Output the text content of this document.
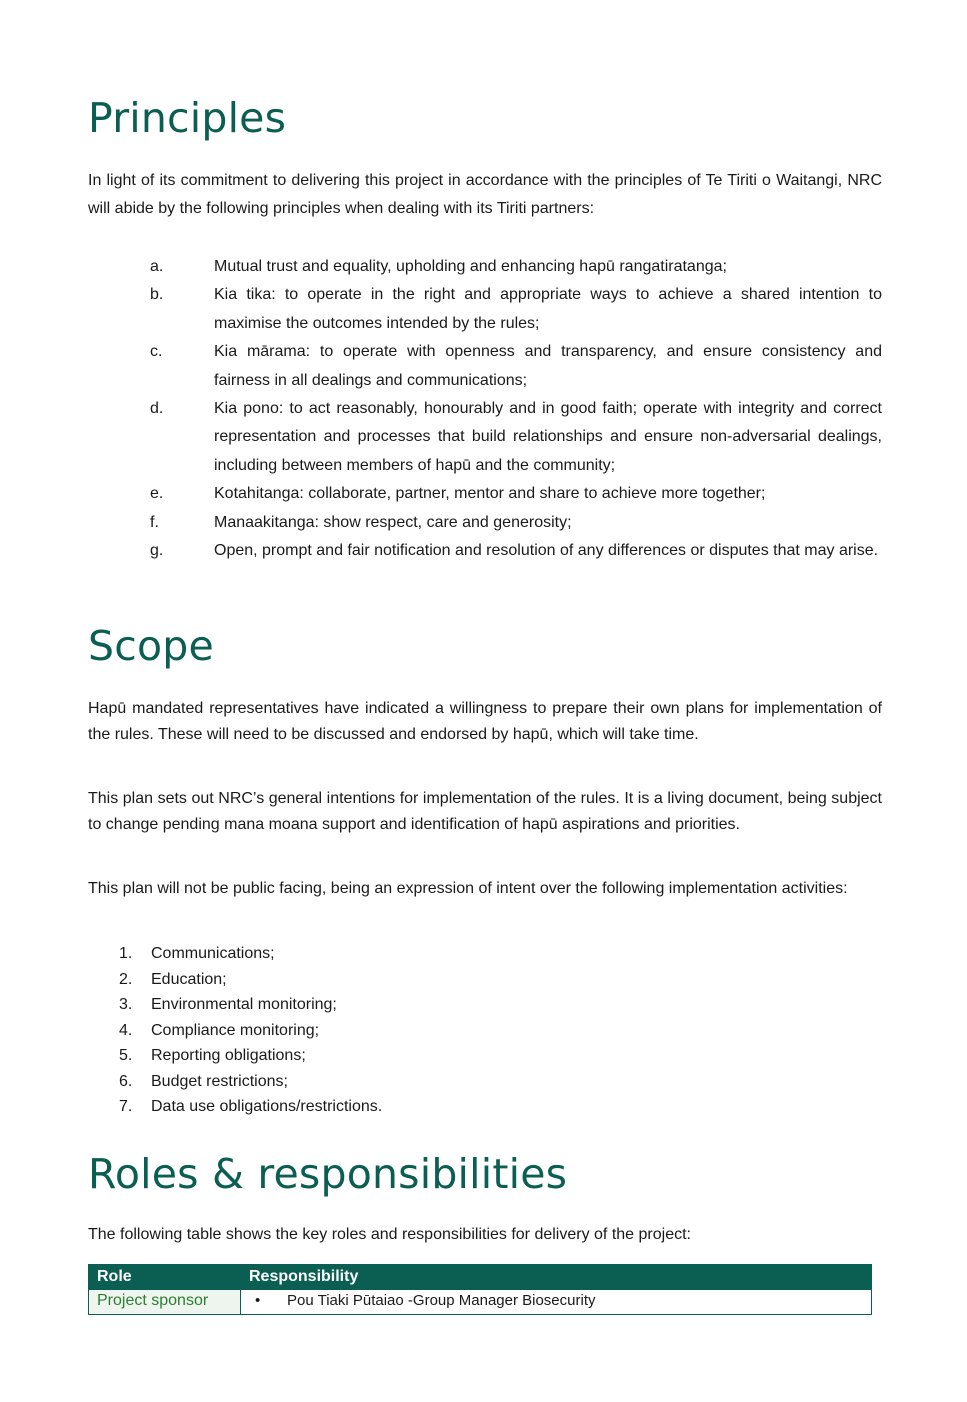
Principles

In light of its commitment to delivering this project in accordance with the principles of Te Tiriti o Waitangi, NRC will abide by the following principles when dealing with its Tiriti partners:

a.	Mutual trust and equality, upholding and enhancing hapū rangatiratanga;
b.	Kia tika: to operate in the right and appropriate ways to achieve a shared intention to maximise the outcomes intended by the rules;
c.	Kia mārama: to operate with openness and transparency, and ensure consistency and fairness in all dealings and communications;
d.	Kia pono: to act reasonably, honourably and in good faith; operate with integrity and correct representation and processes that build relationships and ensure non-adversarial dealings, including between members of hapū and the community;
e.	Kotahitanga: collaborate, partner, mentor and share to achieve more together;
f.	Manaakitanga: show respect, care and generosity;
g.	Open, prompt and fair notification and resolution of any differences or disputes that may arise.
Scope

Hapū mandated representatives have indicated a willingness to prepare their own plans for implementation of the rules. These will need to be discussed and endorsed by hapū, which will take time.

This plan sets out NRC’s general intentions for implementation of the rules. It is a living document, being subject to change pending mana moana support and identification of hapū aspirations and priorities.

This plan will not be public facing, being an expression of intent over the following implementation activities:

1. Communications;
2. Education;
3. Environmental monitoring;
4. Compliance monitoring;
5. Reporting obligations;
6. Budget restrictions;
7. Data use obligations/restrictions.
Roles & responsibilities

The following table shows the key roles and responsibilities for delivery of the project:

Role	Responsibility
Project sponsor	• Pou Tiaki Pūtaiao -Group Manager Biosecurity
